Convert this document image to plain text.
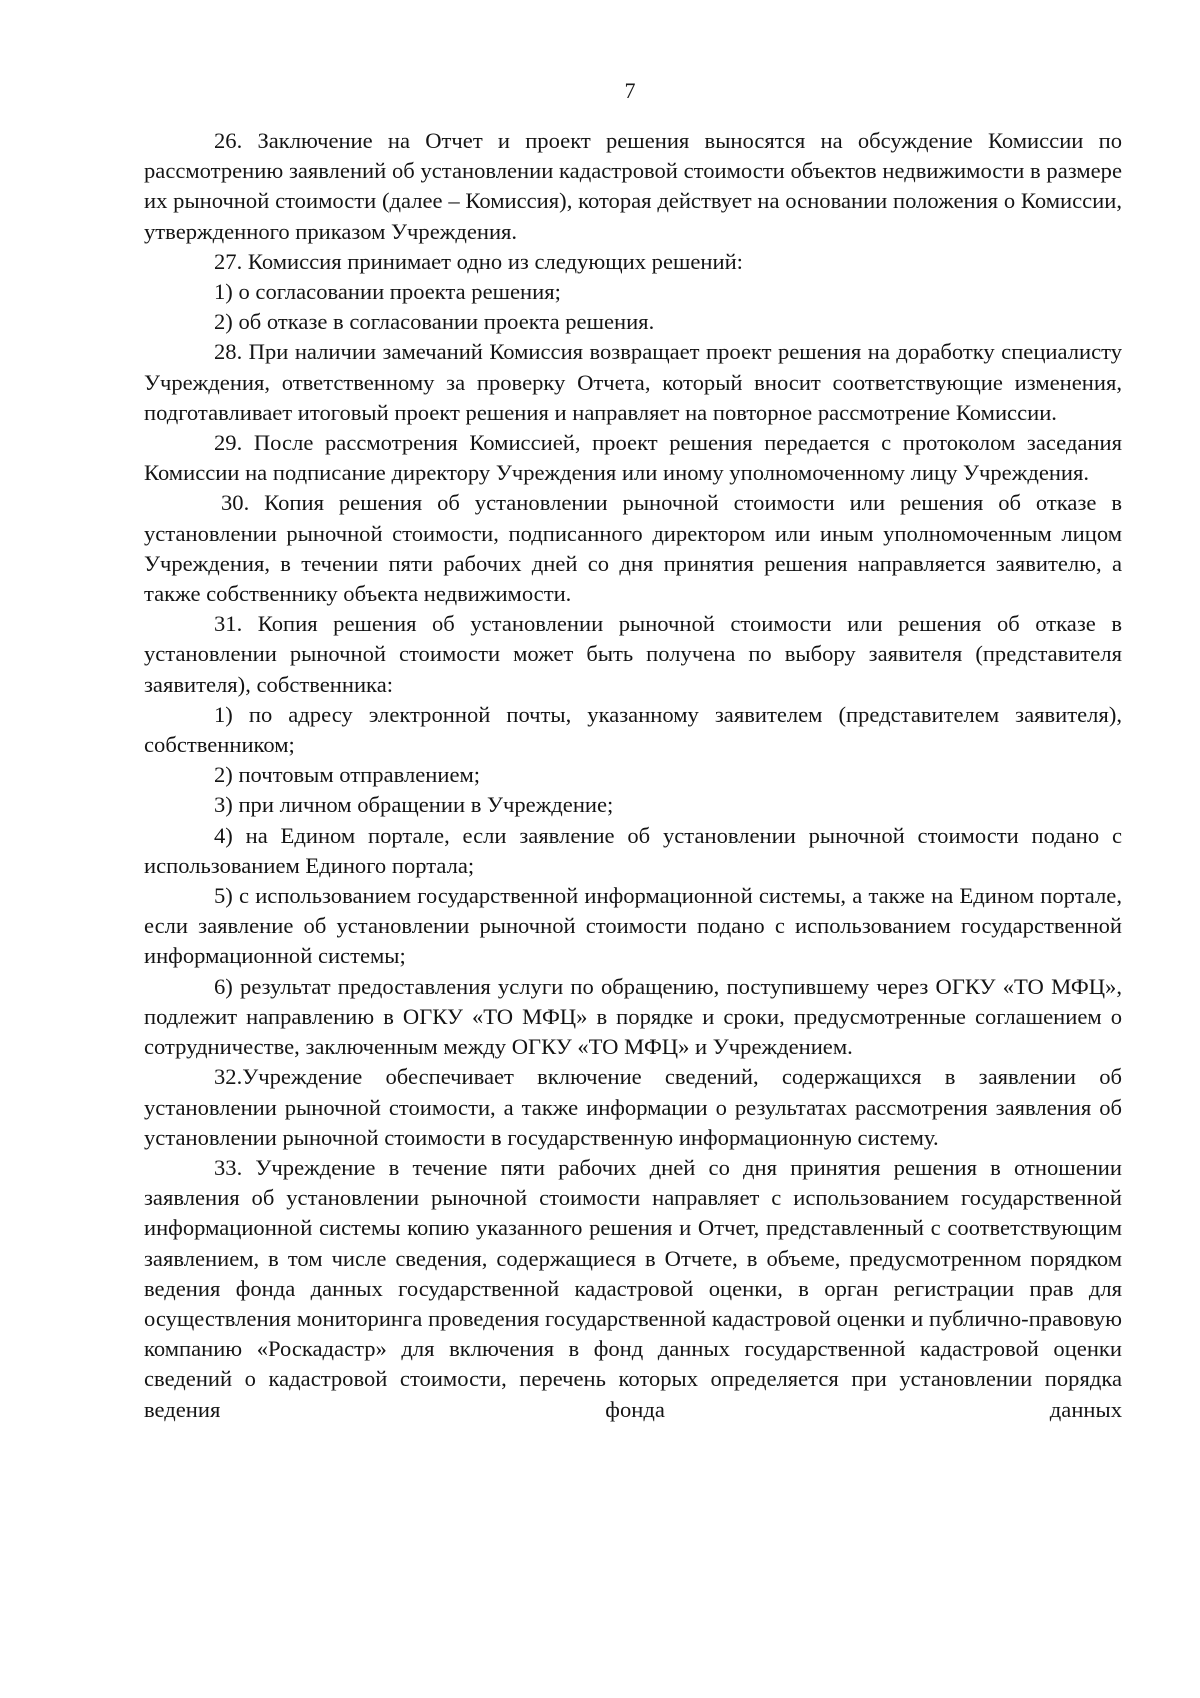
7

26. Заключение на Отчет и проект решения выносятся на обсуждение Комиссии по рассмотрению заявлений об установлении кадастровой стоимости объектов недвижимости в размере их рыночной стоимости (далее – Комиссия), которая действует на основании положения о Комиссии, утвержденного приказом Учреждения.

27. Комиссия принимает одно из следующих решений:

1) о согласовании проекта решения;

2) об отказе в согласовании проекта решения.

28. При наличии замечаний Комиссия возвращает проект решения на доработку специалисту Учреждения, ответственному за проверку Отчета, который вносит соответствующие изменения, подготавливает итоговый проект решения и направляет на повторное рассмотрение Комиссии.

29. После рассмотрения Комиссией, проект решения передается с протоколом заседания Комиссии на подписание директору Учреждения или иному уполномоченному лицу Учреждения.

30. Копия решения об установлении рыночной стоимости или решения об отказе в установлении рыночной стоимости, подписанного директором или иным уполномоченным лицом Учреждения, в течении пяти рабочих дней со дня принятия решения направляется заявителю, а также собственнику объекта недвижимости.

31. Копия решения об установлении рыночной стоимости или решения об отказе в установлении рыночной стоимости может быть получена по выбору заявителя (представителя заявителя), собственника:

1) по адресу электронной почты, указанному заявителем (представителем заявителя), собственником;

2) почтовым отправлением;

3) при личном обращении в Учреждение;

4) на Едином портале, если заявление об установлении рыночной стоимости подано с использованием Единого портала;

5) с использованием государственной информационной системы, а также на Едином портале, если заявление об установлении рыночной стоимости подано с использованием государственной информационной системы;

6) результат предоставления услуги по обращению, поступившему через ОГКУ «ТО МФЦ», подлежит направлению в ОГКУ «ТО МФЦ» в порядке и сроки, предусмотренные соглашением о сотрудничестве, заключенным между ОГКУ «ТО МФЦ» и Учреждением.

32.Учреждение обеспечивает включение сведений, содержащихся в заявлении об установлении рыночной стоимости, а также информации о результатах рассмотрения заявления об установлении рыночной стоимости в государственную информационную систему.

33. Учреждение в течение пяти рабочих дней со дня принятия решения в отношении заявления об установлении рыночной стоимости направляет с использованием государственной информационной системы копию указанного решения и Отчет, представленный с соответствующим заявлением, в том числе сведения, содержащиеся в Отчете, в объеме, предусмотренном порядком ведения фонда данных государственной кадастровой оценки, в орган регистрации прав для осуществления мониторинга проведения государственной кадастровой оценки и публично-правовую компанию «Роскадастр» для включения в фонд данных государственной кадастровой оценки сведений о кадастровой стоимости, перечень которых определяется при установлении порядка ведения фонда данных
